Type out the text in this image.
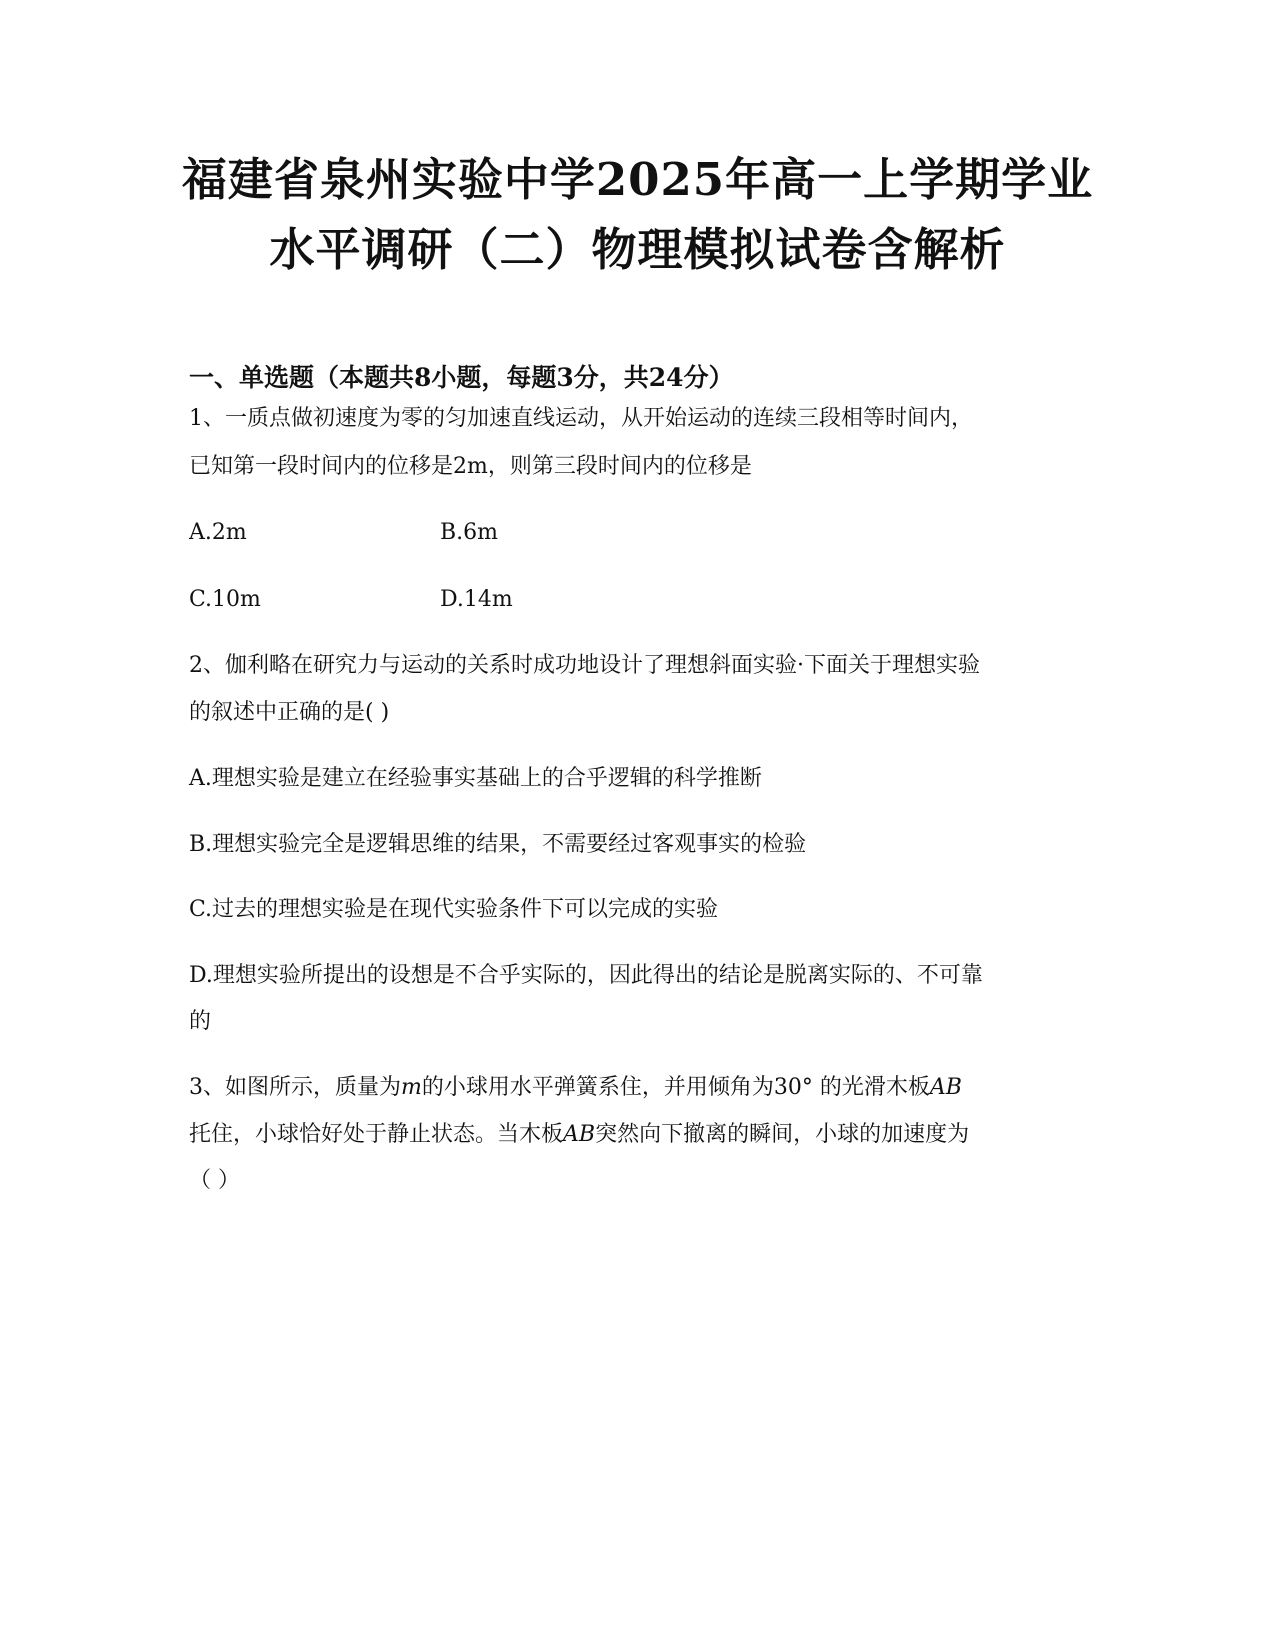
福建省泉州实验中学2025年高一上学期学业
水平调研（二）物理模拟试卷含解析
一、单选题（本题共8小题，每题3分，共24分）

1、一质点做初速度为零的匀加速直线运动，从开始运动的连续三段相等时间内，

已知第一段时间内的位移是2m，则第三段时间内的位移是

A.2m	B.6m
C.10m	D.14m

2、伽利略在研究力与运动的关系时成功地设计了理想斜面实验·下面关于理想实验

的叙述中正确的是( )

A.理想实验是建立在经验事实基础上的合乎逻辑的科学推断

B.理想实验完全是逻辑思维的结果，不需要经过客观事实的检验

C.过去的理想实验是在现代实验条件下可以完成的实验

D.理想实验所提出的设想是不合乎实际的，因此得出的结论是脱离实际的、不可靠

的

3、如图所示，质量为m的小球用水平弹簧系住，并用倾角为30° 的光滑木板AB

托住，小球恰好处于静止状态。当木板AB突然向下撤离的瞬间，小球的加速度为

（ ）
